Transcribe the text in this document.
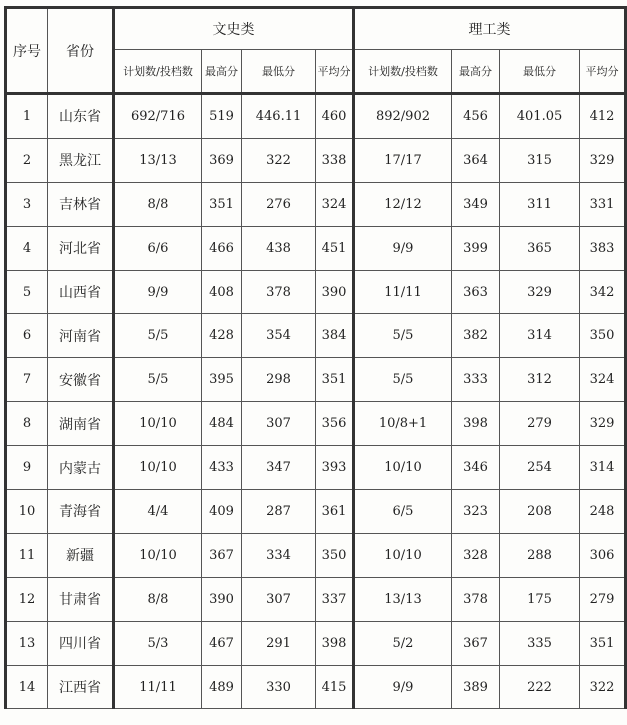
序号	省份	文史类				理工类			
		计划数/投档数	最高分	最低分	平均分	计划数/投档数	最高分	最低分	平均分
1	山东省	692/716	519	446.11	460	892/902	456	401.05	412
2	黑龙江	13/13	369	322	338	17/17	364	315	329
3	吉林省	8/8	351	276	324	12/12	349	311	331
4	河北省	6/6	466	438	451	9/9	399	365	383
5	山西省	9/9	408	378	390	11/11	363	329	342
6	河南省	5/5	428	354	384	5/5	382	314	350
7	安徽省	5/5	395	298	351	5/5	333	312	324
8	湖南省	10/10	484	307	356	10/8+1	398	279	329
9	内蒙古	10/10	433	347	393	10/10	346	254	314
10	青海省	4/4	409	287	361	6/5	323	208	248
11	新疆	10/10	367	334	350	10/10	328	288	306
12	甘肃省	8/8	390	307	337	13/13	378	175	279
13	四川省	5/3	467	291	398	5/2	367	335	351
14	江西省	11/11	489	330	415	9/9	389	222	322
